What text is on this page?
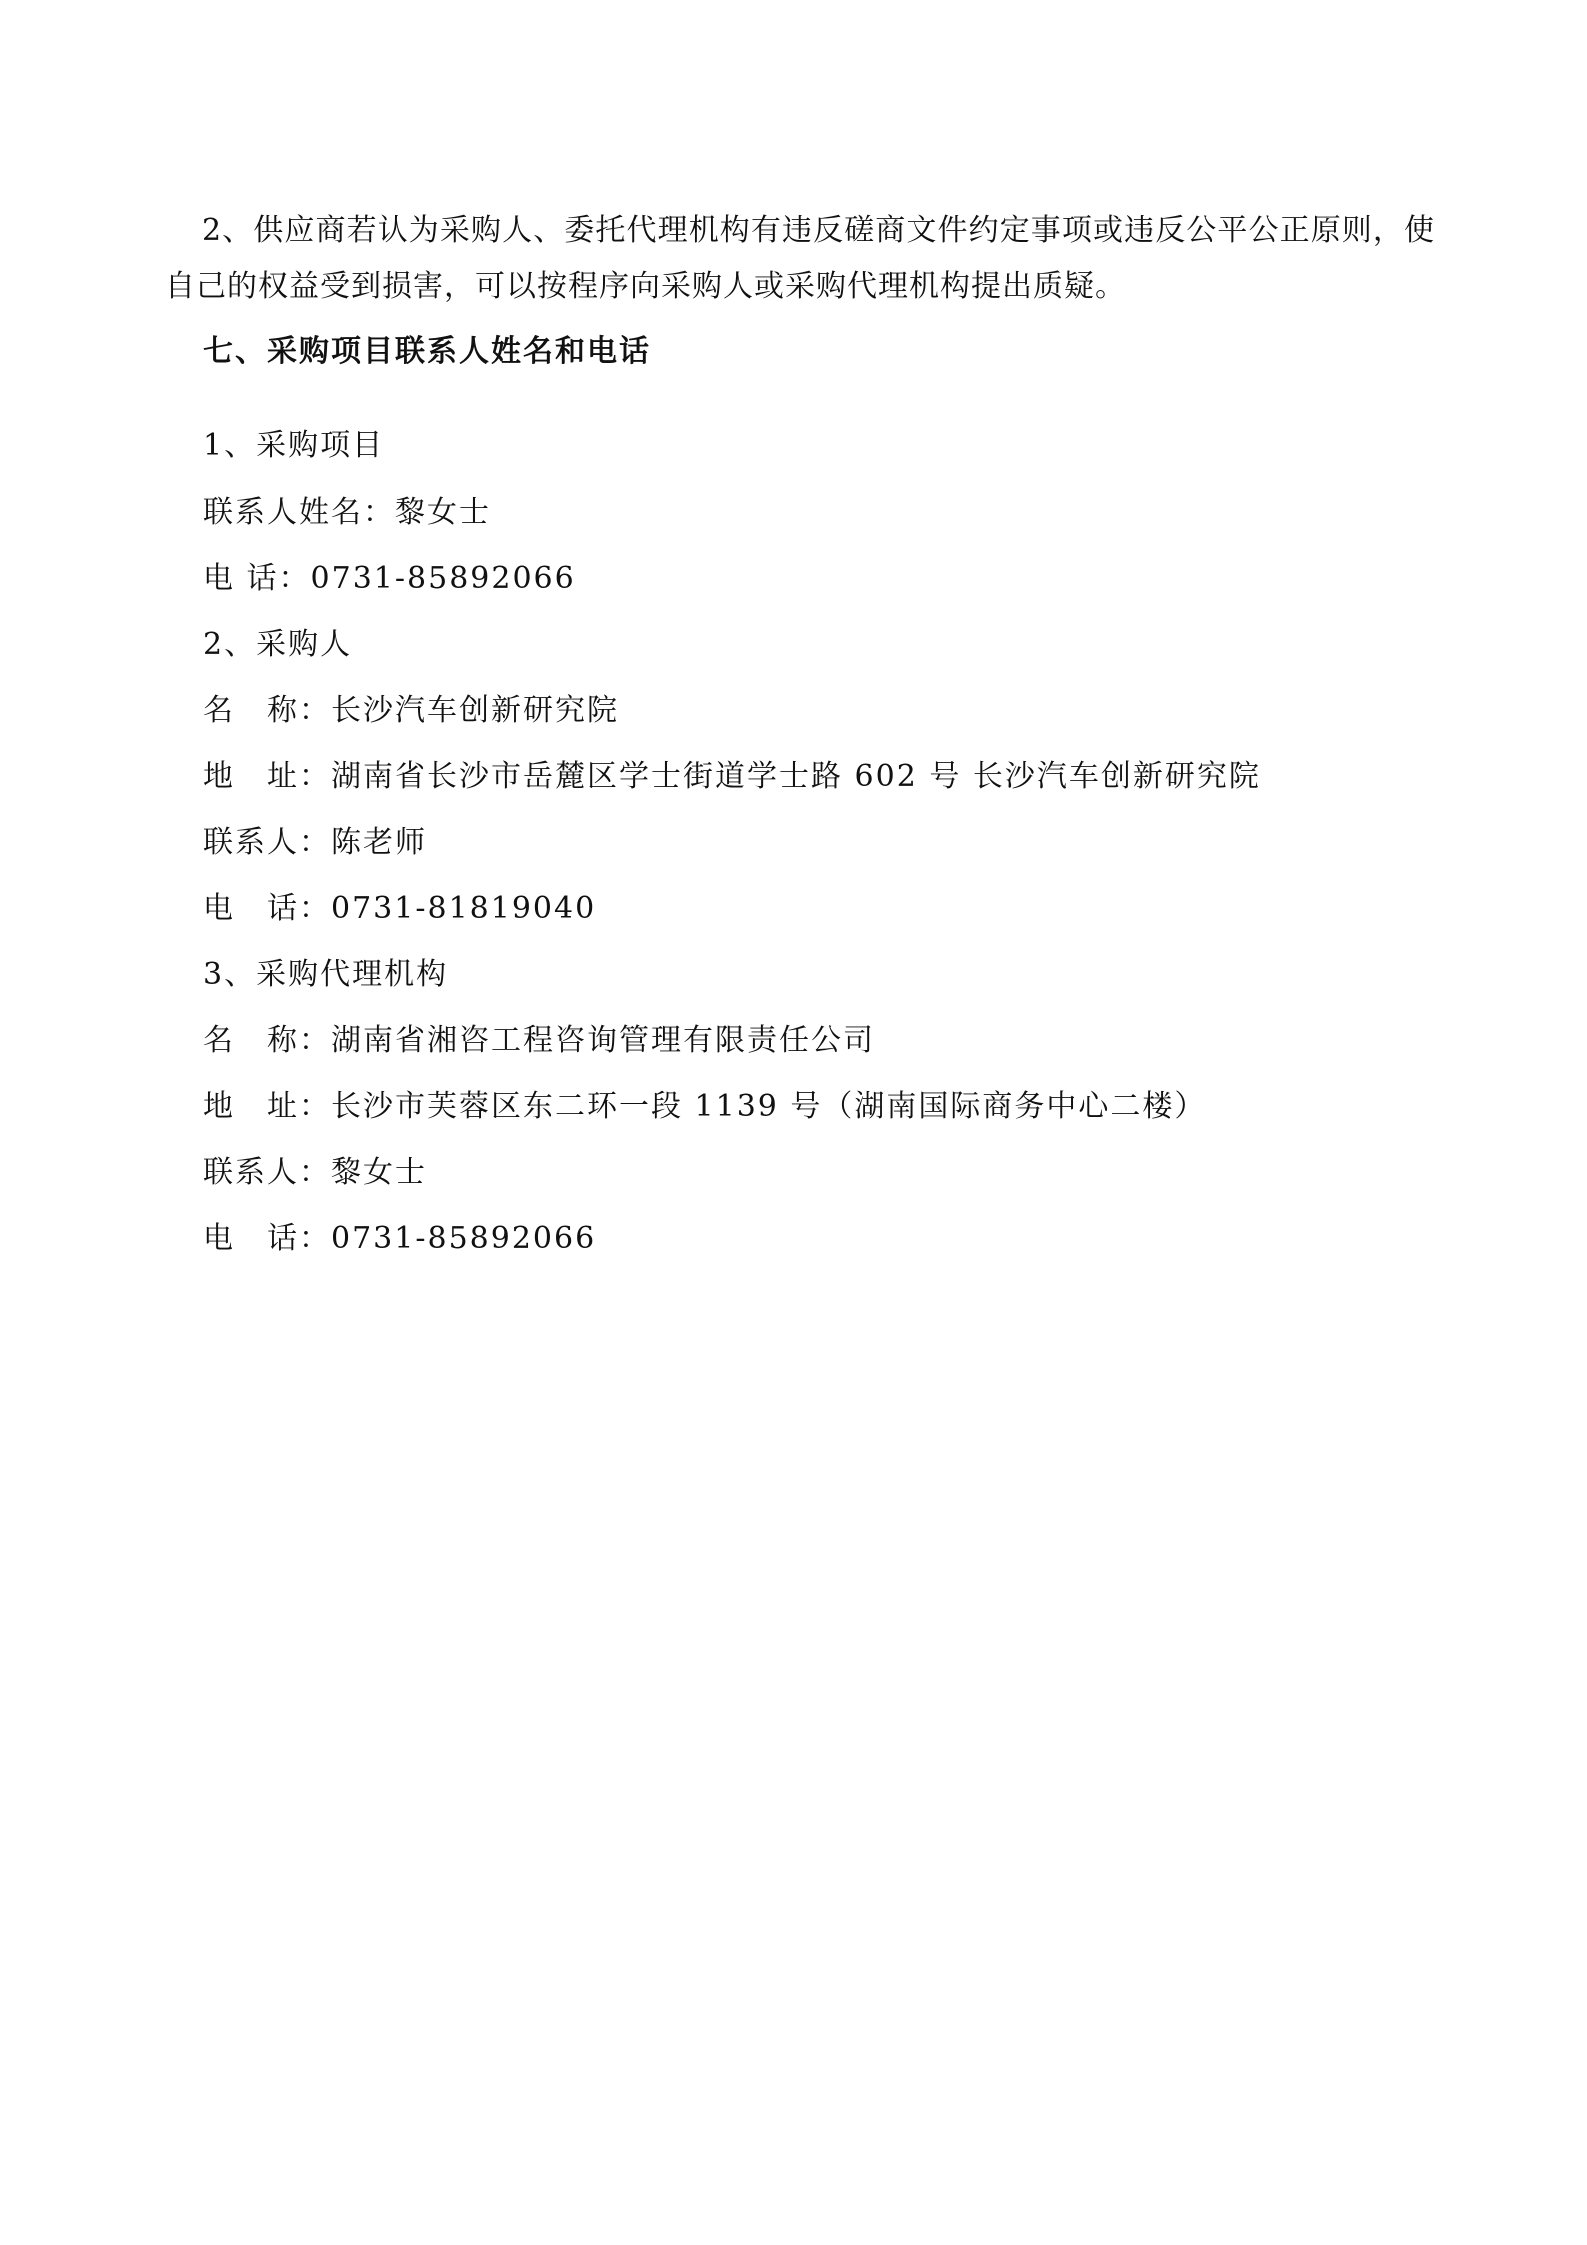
2、供应商若认为采购人、委托代理机构有违反磋商文件约定事项或违反公平公正原则，使自己的权益受到损害，可以按程序向采购人或采购代理机构提出质疑。

七、采购项目联系人姓名和电话

1、采购项目

联系人姓名：黎女士

电 话：0731-85892066

2、采购人

名　称：长沙汽车创新研究院

地　址：湖南省长沙市岳麓区学士街道学士路 602 号 长沙汽车创新研究院

联系人：陈老师

电　话：0731-81819040

3、采购代理机构

名　称：湖南省湘咨工程咨询管理有限责任公司

地　址：长沙市芙蓉区东二环一段 1139 号（湖南国际商务中心二楼）

联系人：黎女士

电　话：0731-85892066
